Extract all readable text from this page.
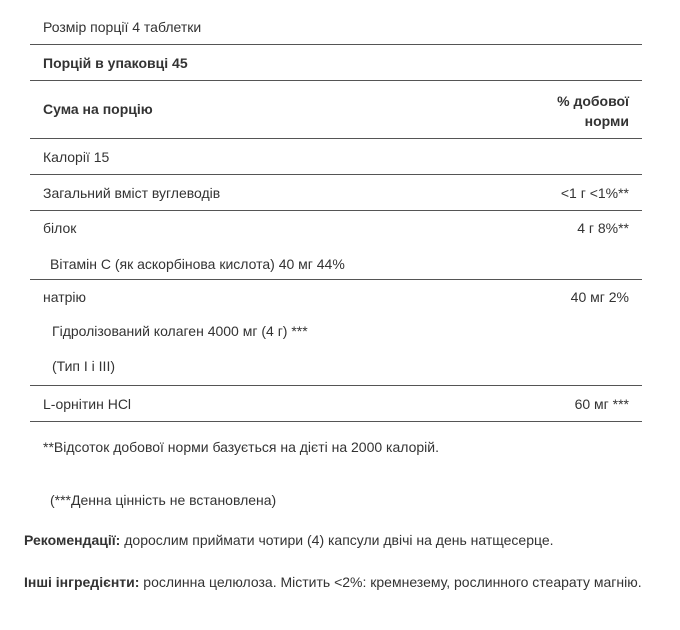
Розмір порції 4 таблетки
Порцій в упаковці 45
Сума на порцію	% добової норми
Калорії 15
Загальний вміст вуглеводів	<1 г <1%**
білок	4 г 8%**
Вітамін С (як аскорбінова кислота) 40 мг 44%
натрію	40 мг 2%
Гідролізований колаген 4000 мг (4 г) ***
(Тип I і III)
L-орнітин HCl	60 мг ***
**Відсоток добової норми базується на дієті на 2000 калорій.
(***Денна цінність не встановлена)
Рекомендації: дорослим приймати чотири (4) капсули двічі на день натщесерце.
Інші інгредієнти: рослинна целюлоза. Містить <2%: кремнезему, рослинного стеарату магнію.
